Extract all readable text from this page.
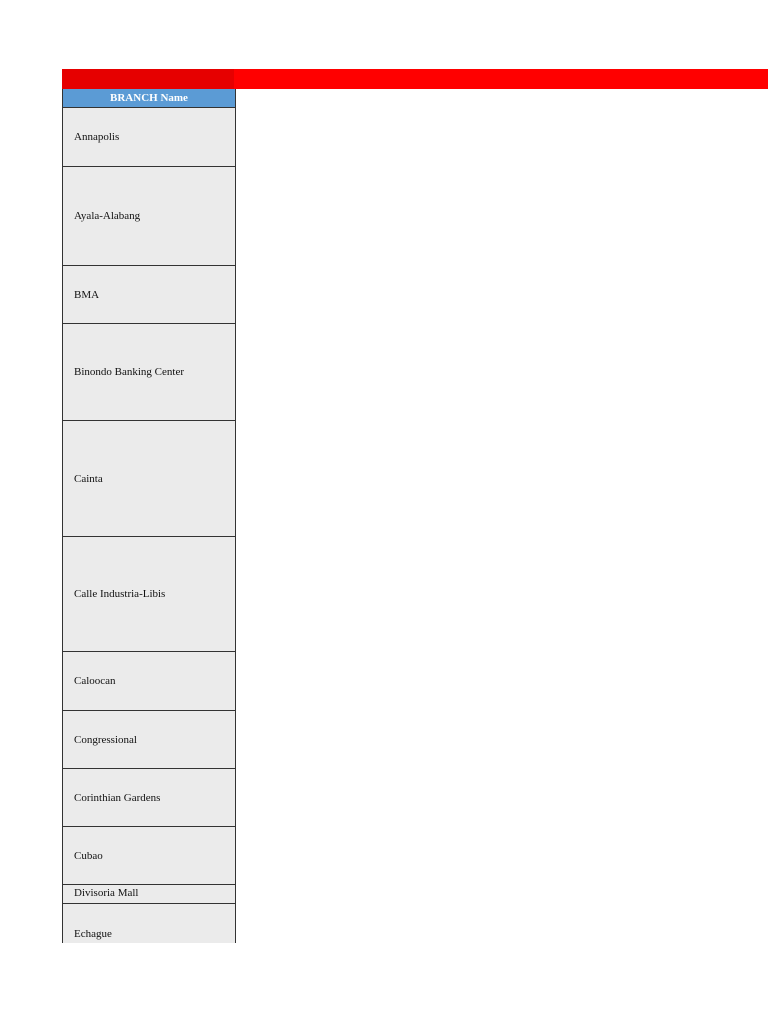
BRANCH Name
Annapolis
Ayala-Alabang
BMA
Binondo Banking Center
Cainta
Calle Industria-Libis
Caloocan
Congressional
Corinthian Gardens
Cubao
Divisoria Mall
Echague
